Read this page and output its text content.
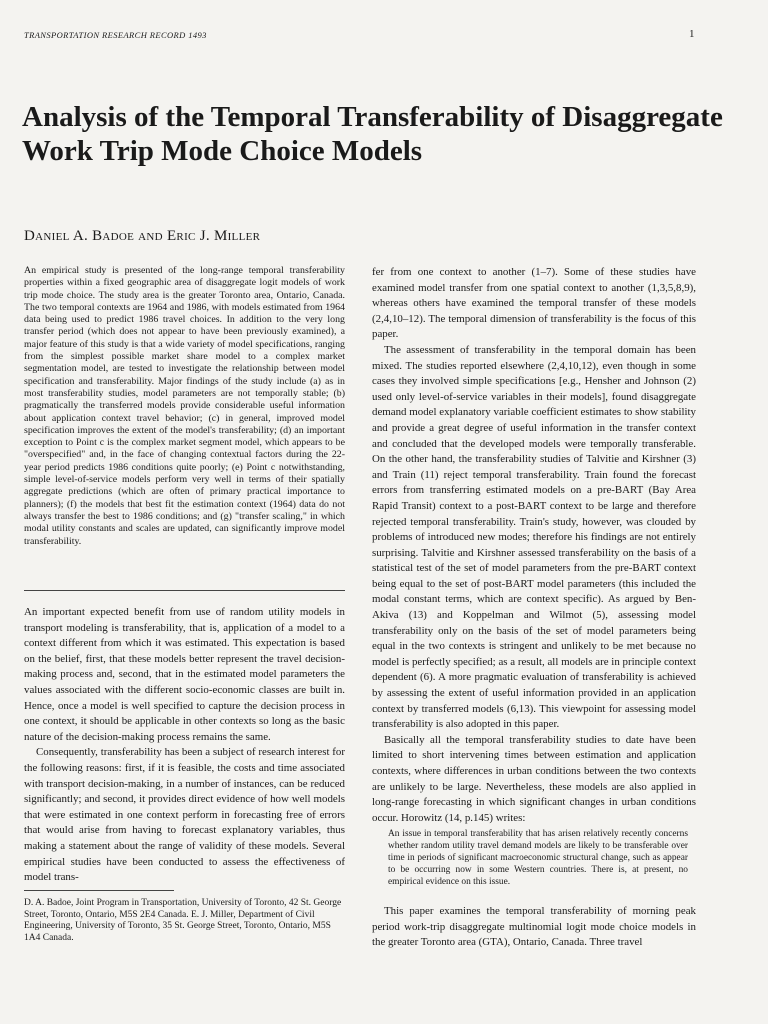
TRANSPORTATION RESEARCH RECORD 1493	1
Analysis of the Temporal Transferability of Disaggregate Work Trip Mode Choice Models
Daniel A. Badoe and Eric J. Miller

An empirical study is presented of the long-range temporal transferability properties within a fixed geographic area of disaggregate logit models of work trip mode choice. The study area is the greater Toronto area, Ontario, Canada. The two temporal contexts are 1964 and 1986, with models estimated from 1964 data being used to predict 1986 travel choices. In addition to the very long transfer period (which does not appear to have been previously examined), a major feature of this study is that a wide variety of model specifications, ranging from the simplest possible market share model to a complex market segmentation model, are tested to investigate the relationship between model specification and transferability. Major findings of the study include (a) as in most transferability studies, model parameters are not temporally stable; (b) pragmatically the transferred models provide considerable useful information about application context travel behavior; (c) in general, improved model specification improves the extent of the model's transferability; (d) an important exception to Point c is the complex market segment model, which appears to be "overspecified" and, in the face of changing contextual factors during the 22-year period predicts 1986 conditions quite poorly; (e) Point c notwithstanding, simple level-of-service models perform very well in terms of their spatially aggregate predictions (which are often of primary practical importance to planners); (f) the models that best fit the estimation context (1964) data do not always transfer the best to 1986 conditions; and (g) "transfer scaling," in which modal utility constants and scales are updated, can significantly improve model transferability.

An important expected benefit from use of random utility models in transport modeling is transferability, that is, application of a model to a context different from which it was estimated. This expectation is based on the belief, first, that these models better represent the travel decision-making process and, second, that in the estimated model parameters the values associated with the different socio-economic classes are built in. Hence, once a model is well specified to capture the decision process in one context, it should be applicable in other contexts so long as the basic nature of the decision-making process remains the same.

Consequently, transferability has been a subject of research interest for the following reasons: first, if it is feasible, the costs and time associated with transport decision-making, in a number of instances, can be reduced significantly; and second, it provides direct evidence of how well models that were estimated in one context perform in forecasting free of errors that would arise from having to forecast explanatory variables, thus making a statement about the range of validity of these models. Several empirical studies have been conducted to assess the effectiveness of model trans-

D. A. Badoe, Joint Program in Transportation, University of Toronto, 42 St. George Street, Toronto, Ontario, M5S 2E4 Canada. E. J. Miller, Department of Civil Engineering, University of Toronto, 35 St. George Street, Toronto, Ontario, M5S 1A4 Canada.

fer from one context to another (1–7). Some of these studies have examined model transfer from one spatial context to another (1,3,5,8,9), whereas others have examined the temporal transfer of these models (2,4,10–12). The temporal dimension of transferability is the focus of this paper.

The assessment of transferability in the temporal domain has been mixed. The studies reported elsewhere (2,4,10,12), even though in some cases they involved simple specifications [e.g., Hensher and Johnson (2) used only level-of-service variables in their models], found disaggregate demand model explanatory variable coefficient estimates to show stability and provide a great degree of useful information in the transfer context and concluded that the developed models were temporally transferable. On the other hand, the transferability studies of Talvitie and Kirshner (3) and Train (11) reject temporal transferability. Train found the forecast errors from transferring estimated models on a pre-BART (Bay Area Rapid Transit) context to a post-BART context to be large and therefore rejected temporal transferability. Train's study, however, was clouded by problems of introduced new modes; therefore his findings are not entirely surprising. Talvitie and Kirshner assessed transferability on the basis of a statistical test of the set of model parameters from the pre-BART context being equal to the set of post-BART model parameters (this included the modal constant terms, which are context specific). As argued by Ben-Akiva (13) and Koppelman and Wilmot (5), assessing model transferability only on the basis of the set of model parameters being equal in the two contexts is stringent and unlikely to be met because no model is perfectly specified; as a result, all models are in principle context dependent (6). A more pragmatic evaluation of transferability is achieved by assessing the extent of useful information provided in an application context by transferred models (6,13). This viewpoint for assessing model transferability is also adopted in this paper.

Basically all the temporal transferability studies to date have been limited to short intervening times between estimation and application contexts, where differences in urban conditions between the two contexts are unlikely to be large. Nevertheless, these models are also applied in long-range forecasting in which significant changes in urban conditions occur. Horowitz (14, p.145) writes:

An issue in temporal transferability that has arisen relatively recently concerns whether random utility travel demand models are likely to be transferable over time in periods of significant macroeconomic structural change, such as appear to be occurring now in some Western countries. There is, at present, no empirical evidence on this issue.

This paper examines the temporal transferability of morning peak period work-trip disaggregate multinomial logit mode choice models in the greater Toronto area (GTA), Ontario, Canada. Three travel
